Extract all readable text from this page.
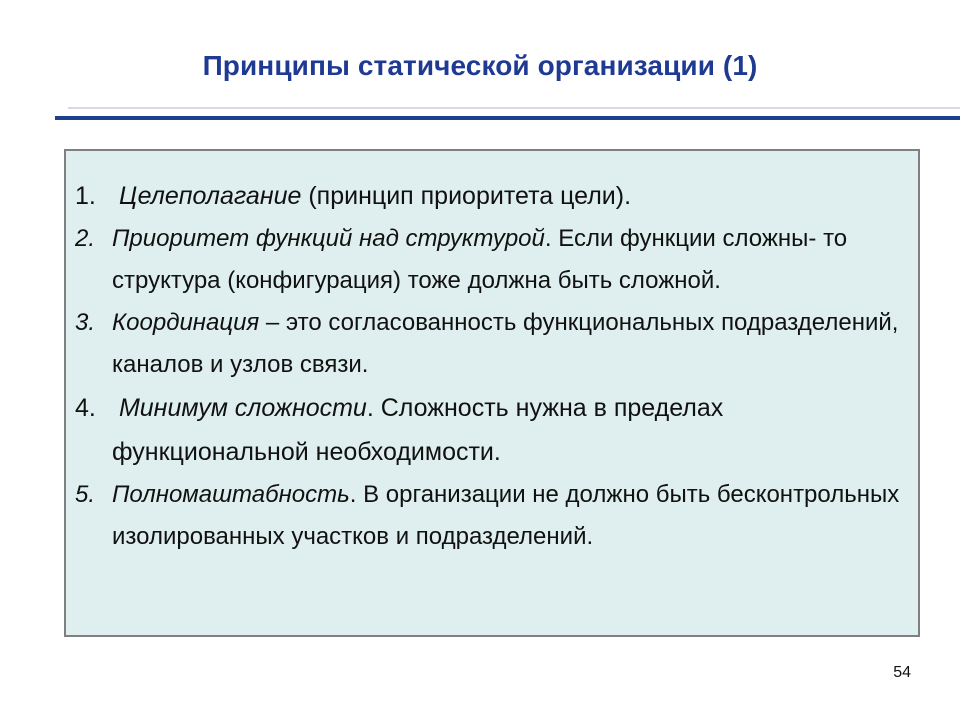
Принципы статической организации (1)
1. Целеполагание (принцип приоритета цели).
2. Приоритет функций над структурой. Если функции сложны- то структура (конфигурация) тоже должна быть сложной.
3. Координация – это согласованность функциональных подразделений, каналов и узлов связи.
4. Минимум сложности. Сложность нужна в пределах функциональной необходимости.
5. Полномаштабность. В организации не должно быть бесконтрольных изолированных участков и подразделений.
54
